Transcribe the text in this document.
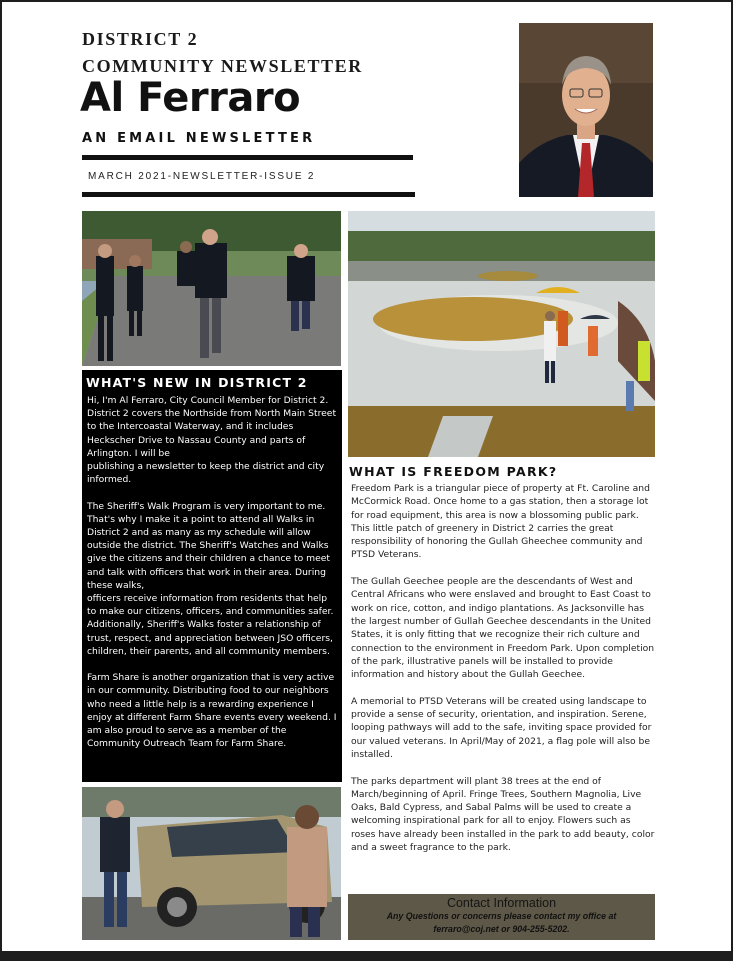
DISTRICT 2
COMMUNITY NEWSLETTER
Al Ferraro
AN EMAIL NEWSLETTER
MARCH 2021-NEWSLETTER-ISSUE 2
WHAT'S NEW IN DISTRICT 2
Hi, I'm Al Ferraro, City Council Member for District 2. District 2 covers the Northside from North Main Street to the Intercoastal Waterway, and it includes Heckscher Drive to Nassau County and parts of Arlington. I will be
publishing a newsletter to keep the district and city informed.

The Sheriff's Walk Program is very important to me. That's why I make it a point to attend all Walks in District 2 and as many as my schedule will allow outside the district. The Sheriff's Watches and Walks give the citizens and their children a chance to meet and talk with officers that work in their area. During these walks,
officers receive information from residents that help to make our citizens, officers, and communities safer. Additionally, Sheriff's Walks foster a relationship of trust, respect, and appreciation between JSO officers, children, their parents, and all community members.

Farm Share is another organization that is very active in our community. Distributing food to our neighbors who need a little help is a rewarding experience I enjoy at different Farm Share events every weekend. I am also proud to serve as a member of the Community Outreach Team for Farm Share.
WHAT IS FREEDOM PARK?
Freedom Park is a triangular piece of property at Ft. Caroline and McCormick Road. Once home to a gas station, then a storage lot for road equipment, this area is now a blossoming public park. This little patch of greenery in District 2 carries the great responsibility of honoring the Gullah Gheechee community and PTSD Veterans.

The Gullah Geechee people are the descendants of West and Central Africans who were enslaved and brought to East Coast to work on rice, cotton, and indigo plantations. As Jacksonville has the largest number of Gullah Geechee descendants in the United States, it is only fitting that we recognize their rich culture and connection to the environment in Freedom Park. Upon completion of the park, illustrative panels will be installed to provide information and history about the Gullah Geechee.

A memorial to PTSD Veterans will be created using landscape to provide a sense of security, orientation, and inspiration. Serene, looping pathways will add to the safe, inviting space provided for our valued veterans. In April/May of 2021, a flag pole will also be installed.

The parks department will plant 38 trees at the end of March/beginning of April. Fringe Trees, Southern Magnolia, Live Oaks, Bald Cypress, and Sabal Palms will be used to create a welcoming inspirational park for all to enjoy. Flowers such as roses have already been installed in the park to add beauty, color and a sweet fragrance to the park.
Contact Information
Any Questions or concerns please contact my office at
ferraro@coj.net or 904-255-5202.
